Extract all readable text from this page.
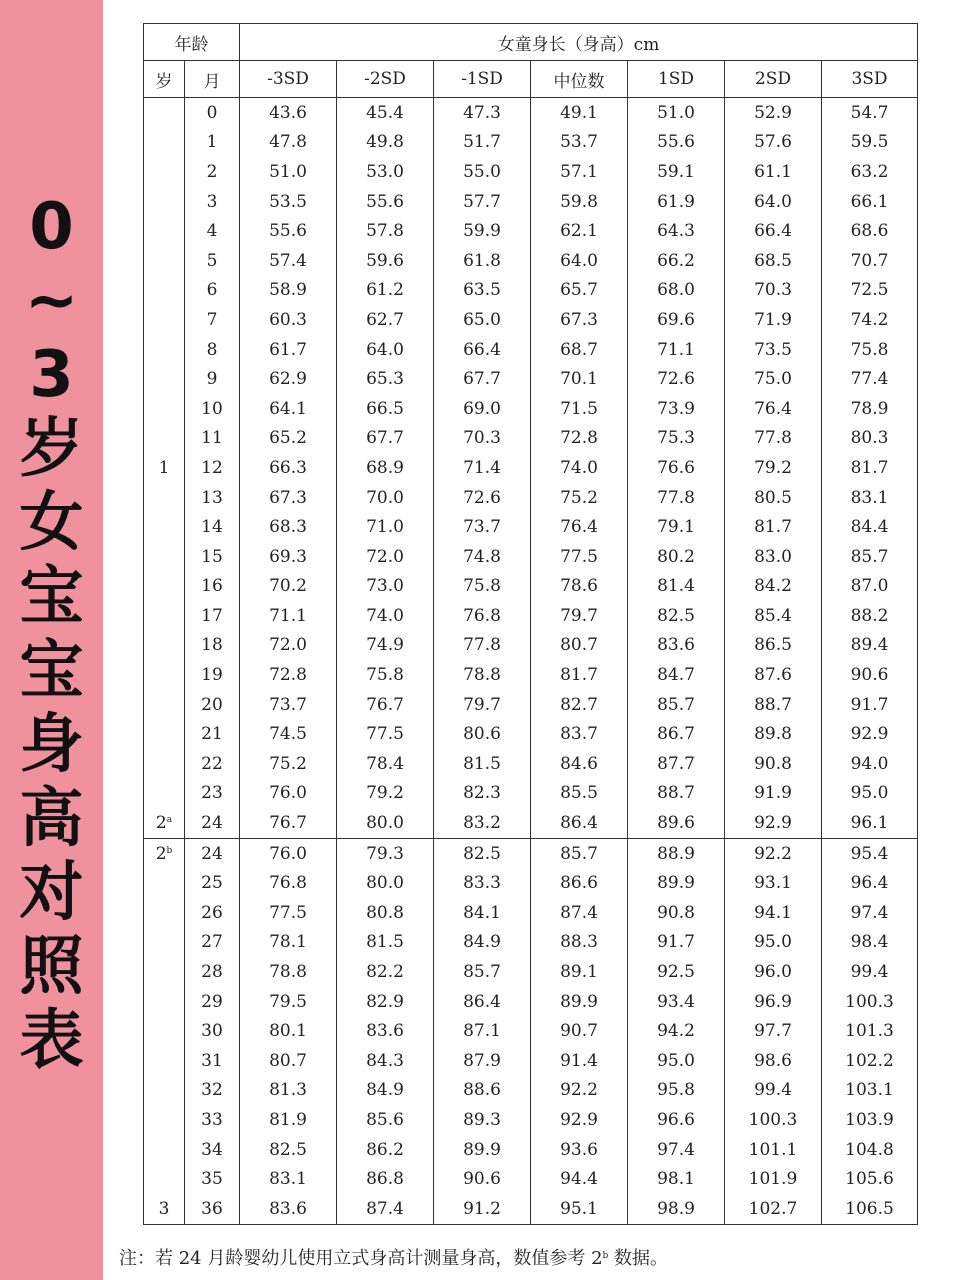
0
~
3
岁
女
宝
宝
身
高
对
照
表
年龄		女童身长（身高）cm						
岁	月	-3SD	-2SD	-1SD	中位数	1SD	2SD	3SD
	0	43.6	45.4	47.3	49.1	51.0	52.9	54.7
	1	47.8	49.8	51.7	53.7	55.6	57.6	59.5
	2	51.0	53.0	55.0	57.1	59.1	61.1	63.2
	3	53.5	55.6	57.7	59.8	61.9	64.0	66.1
	4	55.6	57.8	59.9	62.1	64.3	66.4	68.6
	5	57.4	59.6	61.8	64.0	66.2	68.5	70.7
	6	58.9	61.2	63.5	65.7	68.0	70.3	72.5
	7	60.3	62.7	65.0	67.3	69.6	71.9	74.2
	8	61.7	64.0	66.4	68.7	71.1	73.5	75.8
	9	62.9	65.3	67.7	70.1	72.6	75.0	77.4
	10	64.1	66.5	69.0	71.5	73.9	76.4	78.9
	11	65.2	67.7	70.3	72.8	75.3	77.8	80.3
1	12	66.3	68.9	71.4	74.0	76.6	79.2	81.7
	13	67.3	70.0	72.6	75.2	77.8	80.5	83.1
	14	68.3	71.0	73.7	76.4	79.1	81.7	84.4
	15	69.3	72.0	74.8	77.5	80.2	83.0	85.7
	16	70.2	73.0	75.8	78.6	81.4	84.2	87.0
	17	71.1	74.0	76.8	79.7	82.5	85.4	88.2
	18	72.0	74.9	77.8	80.7	83.6	86.5	89.4
	19	72.8	75.8	78.8	81.7	84.7	87.6	90.6
	20	73.7	76.7	79.7	82.7	85.7	88.7	91.7
	21	74.5	77.5	80.6	83.7	86.7	89.8	92.9
	22	75.2	78.4	81.5	84.6	87.7	90.8	94.0
	23	76.0	79.2	82.3	85.5	88.7	91.9	95.0
2$^a$	24	76.7	80.0	83.2	86.4	89.6	92.9	96.1
2$^b$	24	76.0	79.3	82.5	85.7	88.9	92.2	95.4
	25	76.8	80.0	83.3	86.6	89.9	93.1	96.4
	26	77.5	80.8	84.1	87.4	90.8	94.1	97.4
	27	78.1	81.5	84.9	88.3	91.7	95.0	98.4
	28	78.8	82.2	85.7	89.1	92.5	96.0	99.4
	29	79.5	82.9	86.4	89.9	93.4	96.9	100.3
	30	80.1	83.6	87.1	90.7	94.2	97.7	101.3
	31	80.7	84.3	87.9	91.4	95.0	98.6	102.2
	32	81.3	84.9	88.6	92.2	95.8	99.4	103.1
	33	81.9	85.6	89.3	92.9	96.6	100.3	103.9
	34	82.5	86.2	89.9	93.6	97.4	101.1	104.8
	35	83.1	86.8	90.6	94.4	98.1	101.9	105.6
3	36	83.6	87.4	91.2	95.1	98.9	102.7	106.5
注：若 24 月龄婴幼儿使用立式身高计测量身高，数值参考 2$^b$ 数据。
